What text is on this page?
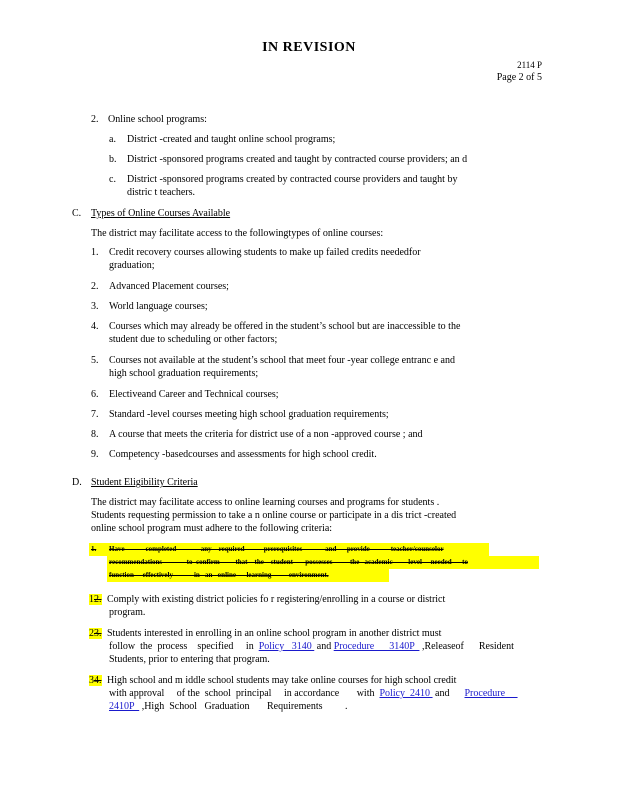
IN REVISION
2114 P
Page 2 of 5
2. Online school programs:
a. District -created and taught online school programs;
b. District -sponsored programs created and taught by contracted course providers; an d
c. District -sponsored programs created by contracted course providers and taught by
distric t teachers.
C. Types of Online Courses Available
The district may facilitate access to the followingtypes of online courses:
1. Credit recovery courses allowing students to make up failed credits neededfor
graduation;
2. Advanced Placement courses;
3. World language courses;
4. Courses which may already be offered in the student’s school but are inaccessible to the
student due to scheduling or other factors;
5. Courses not available at the student’s school that meet four -year college entranc e and
high school graduation requirements;
6. Electiveand Career and Technical courses;
7. Standard -level courses meeting high school graduation requirements;
8. A course that meets the criteria for district use of a non -approved course ; and
9. Competency -basedcourses and assessments for high school credit.
D. Student Eligibility Criteria
The district may facilitate access to online learning courses and programs for students .
Students requesting permission to take a n online course or participate in a dis trict -created
online school program must adhere to the following criteria:
1. Have            completed              any    required           prerequisites             and      provide            teacher/counselor
recommendations              to  confirm         that    the    student       possesses          the   academic         level     needed      to
function     effectively            in   an   online      learning          environment.
12. Comply with existing district policies fo r registering/enrolling in a course or district
program.
23. Students interested in enrolling in an online school program in another district must
follow  the  process    specified     in  Policy   3140  and Procedure      3140P   ,Releaseof      Resident
Students, prior to entering that program.
34. High school and m iddle school students may take online courses for high school credit
with approval     of the  school  principal     in accordance       with  Policy  2410  and      Procedure
2410P   ,High  School   Graduation       Requirements         .
